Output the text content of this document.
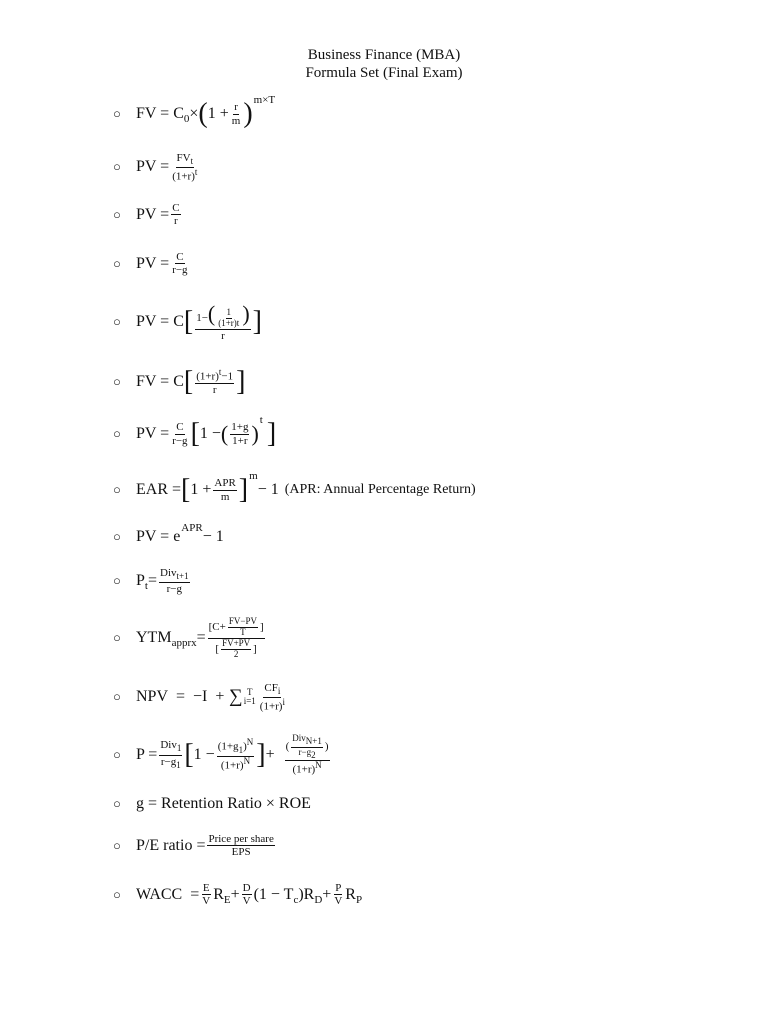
Business Finance (MBA)
Formula Set (Final Exam)
○ FV = C 0 × ( $1 + \frac{r}{m}$ ) m×T
○ PV = $\frac{FV_t}{(1+r)^t}$
○ PV = $\frac{C}{r}$
○ PV = $\frac{C}{r-g}$
○ PV = C [ $\frac{1-( \frac{1}{(1+r)t} )}{r}$ ]
○ FV = C [ $\frac{(1+r)^t-1}{r}$ ]
○ PV = $\frac{C}{r-g}$ [ 1 − ( $\frac{1+g}{1+r}$ )
t ]
○ EAR = [ $1 + \frac{\text{APR}}{m}$ ] m
− 1 (APR: Annual Percentage Return)
○ PV = e APR − 1
○ P $t = \frac{Div_{t+1}}{r-g}$
○ YTM apprx = $\frac{[C+ \frac{FV-PV}{T} ]}{[ \frac{FV+PV}{2} ]}$
○ NPV  =  −I  + ∑ T
$i=1 \frac{CF_i}{(1+r)^i}$
○ $P = \frac{Div_1}{r-g_1}$ [ $1 - \frac{(1+g_1)^N}{(1+r)^N}$ ] + $\frac{( \frac{Div_{N+1}}{r-g_2} )}{(1+r)^N}$
○ g = Retention Ratio × ROE
○ P/E ratio = $\frac{\text{Price per share}}{\text{EPS}}$
○ WACC  = $\frac{E}{V}$ R $E + \frac{D}{V} (1 - T$ c )R $D + \frac{P}{V}$ R P
